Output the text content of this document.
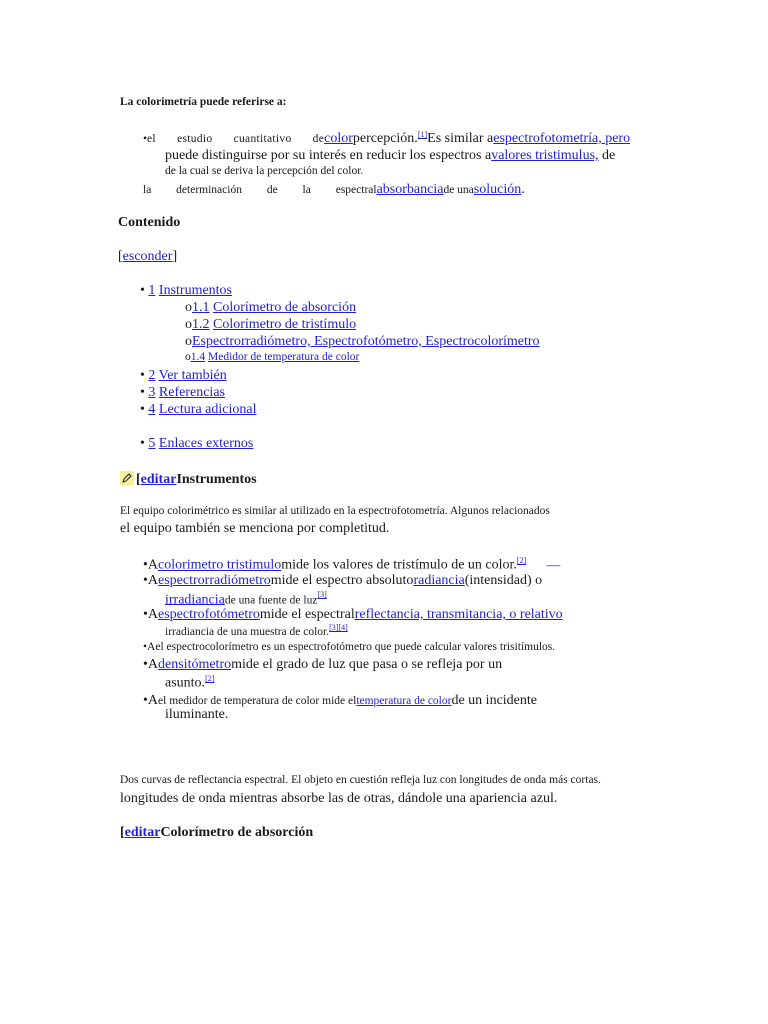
La colorimetría puede referirse a:
•el estudio cuantitativo decolorpercepción.[1]Es similar aespectrofotometría, pero
puede distinguirse por su interés en reducir los espectros avalores tristimulus, de
de la cual se deriva la percepción del color.
la determinación de la espectralabsorbanciade unasolución.
Contenido
[esconder]
• 1 Instrumentos
o1.1 Colorímetro de absorción
o1.2 Colorímetro de tristímulo
oEspectrorradiómetro, Espectrofotómetro, Espectrocolorímetro
o1.4 Medidor de temperatura de color
• 2 Ver también
• 3 Referencias
• 4 Lectura adicional
• 5 Enlaces externos
[editarInstrumentos
El equipo colorimétrico es similar al utilizado en la espectrofotometría. Algunos relacionados
el equipo también se menciona por completitud.
•Acolorimetro tristimulomide los valores de tristímulo de un color.[2] —
•Aespectrorradiómetromide el espectro absolutoradiancia(intensidad) o
irradianciade una fuente de luz[3]
•Aespectrofotómetromide el espectralreflectancia, transmitancia, o relativo
irradiancia de una muestra de color.[3][4]
•Ael espectrocolorímetro es un espectrofotómetro que puede calcular valores trisitímulos.
•Adensitómetromide el grado de luz que pasa o se refleja por un
asunto.[2]
•Ael medidor de temperatura de color mide eltemperatura de colorde un incidente
iluminante.
Dos curvas de reflectancia espectral. El objeto en cuestión refleja luz con longitudes de onda más cortas.
longitudes de onda mientras absorbe las de otras, dándole una apariencia azul.
[editarColorímetro de absorción
